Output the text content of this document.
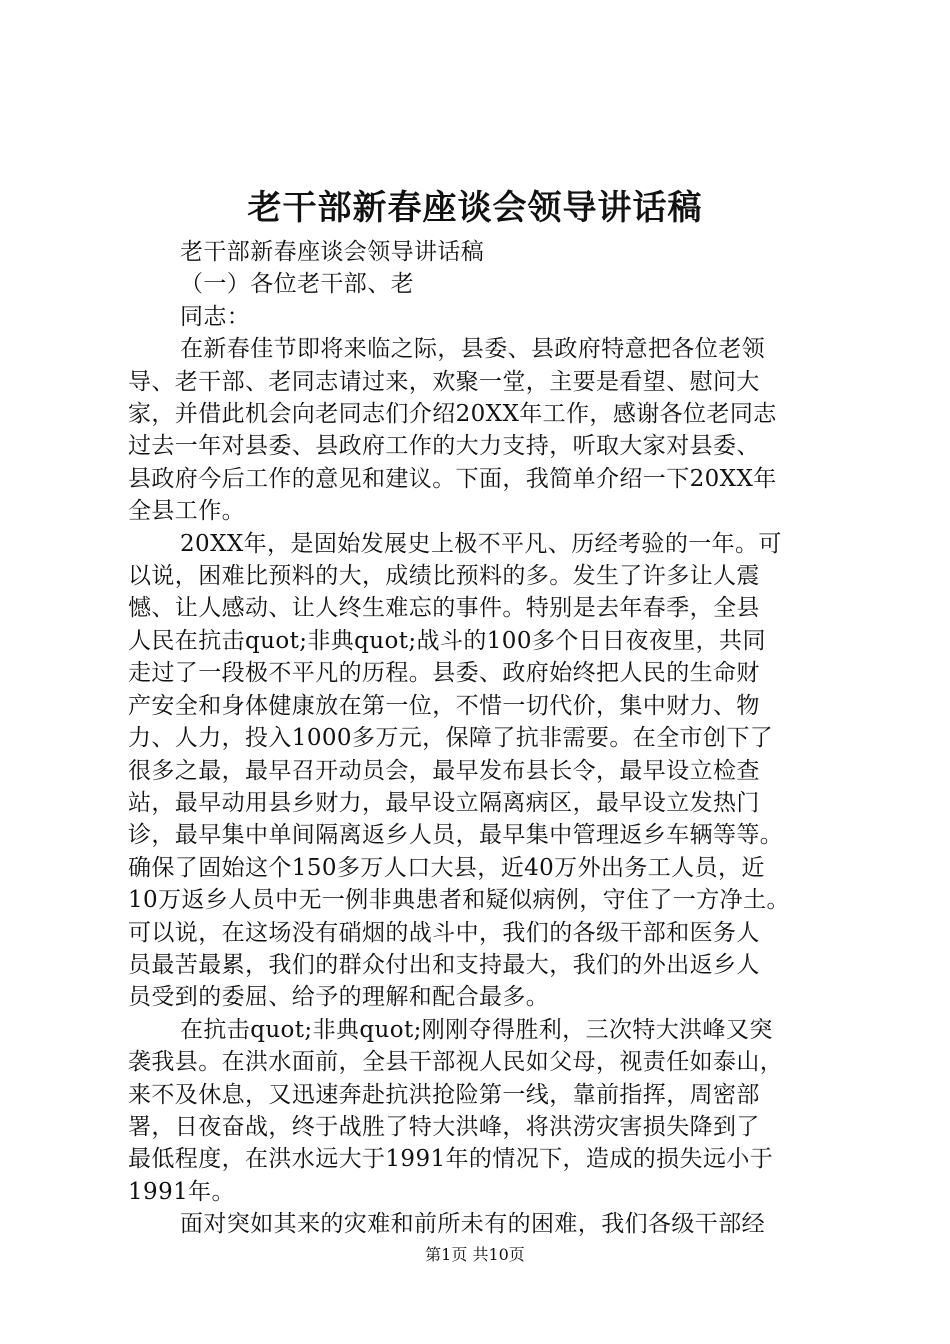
老干部新春座谈会领导讲话稿
老干部新春座谈会领导讲话稿
（一）各位老干部、老
同志：
在新春佳节即将来临之际，县委、县政府特意把各位老领
导、老干部、老同志请过来，欢聚一堂，主要是看望、慰问大
家，并借此机会向老同志们介绍20XX年工作，感谢各位老同志
过去一年对县委、县政府工作的大力支持，听取大家对县委、
县政府今后工作的意见和建议。下面，我简单介绍一下20XX年
全县工作。
20XX年，是固始发展史上极不平凡、历经考验的一年。可
以说，困难比预料的大，成绩比预料的多。发生了许多让人震
憾、让人感动、让人终生难忘的事件。特别是去年春季，全县
人民在抗击quot;非典quot;战斗的100多个日日夜夜里，共同
走过了一段极不平凡的历程。县委、政府始终把人民的生命财
产安全和身体健康放在第一位，不惜一切代价，集中财力、物
力、人力，投入1000多万元，保障了抗非需要。在全市创下了
很多之最，最早召开动员会，最早发布县长令，最早设立检查
站，最早动用县乡财力，最早设立隔离病区，最早设立发热门
诊，最早集中单间隔离返乡人员，最早集中管理返乡车辆等等。
确保了固始这个150多万人口大县，近40万外出务工人员，近
10万返乡人员中无一例非典患者和疑似病例，守住了一方净土。
可以说，在这场没有硝烟的战斗中，我们的各级干部和医务人
员最苦最累，我们的群众付出和支持最大，我们的外出返乡人
员受到的委屈、给予的理解和配合最多。
在抗击quot;非典quot;刚刚夺得胜利，三次特大洪峰又突
袭我县。在洪水面前，全县干部视人民如父母，视责任如泰山，
来不及休息，又迅速奔赴抗洪抢险第一线，靠前指挥，周密部
署，日夜奋战，终于战胜了特大洪峰，将洪涝灾害损失降到了
最低程度，在洪水远大于1991年的情况下，造成的损失远小于
1991年。
面对突如其来的灾难和前所未有的困难，我们各级干部经
第1页 共10页
